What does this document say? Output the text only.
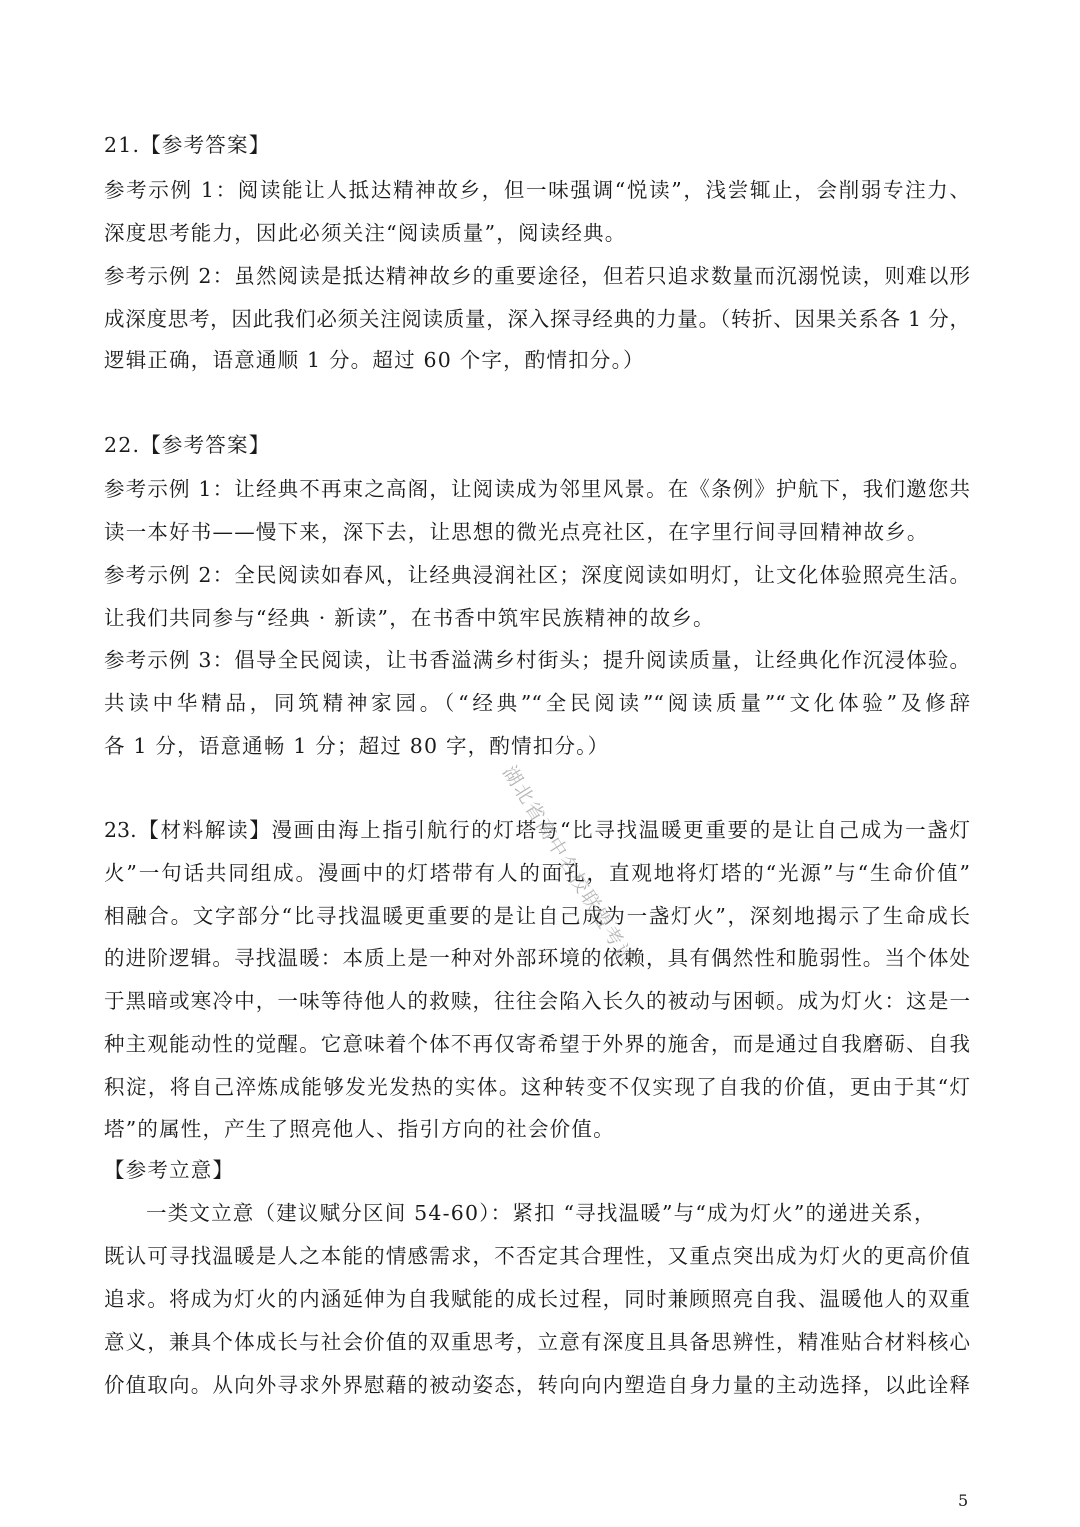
21.【参考答案】
参考示例 1：阅读能让人抵达精神故乡，但一味强调“悦读”，浅尝辄止，会削弱专注力、
深度思考能力，因此必须关注“阅读质量”，阅读经典。
参考示例 2：虽然阅读是抵达精神故乡的重要途径，但若只追求数量而沉溺悦读，则难以形
成深度思考，因此我们必须关注阅读质量，深入探寻经典的力量。（转折、因果关系各 1 分，
逻辑正确，语意通顺 1 分。超过 60 个字，酌情扣分。）
22.【参考答案】
参考示例 1：让经典不再束之高阁，让阅读成为邻里风景。在《条例》护航下，我们邀您共
读一本好书——慢下来，深下去，让思想的微光点亮社区，在字里行间寻回精神故乡。
参考示例 2：全民阅读如春风，让经典浸润社区；深度阅读如明灯，让文化体验照亮生活。
让我们共同参与“经典 · 新读”，在书香中筑牢民族精神的故乡。
参考示例 3：倡导全民阅读，让书香溢满乡村街头；提升阅读质量，让经典化作沉浸体验。
共读中华精品，同筑精神家园。（“经典”“全民阅读”“阅读质量”“文化体验”及修辞
各 1 分，语意通畅 1 分；超过 80 字，酌情扣分。）
23.【材料解读】漫画由海上指引航行的灯塔与“比寻找温暖更重要的是让自己成为一盏灯
火”一句话共同组成。漫画中的灯塔带有人的面孔，直观地将灯塔的“光源”与“生命价值”
相融合。文字部分“比寻找温暖更重要的是让自己成为一盏灯火”，深刻地揭示了生命成长
的进阶逻辑。寻找温暖：本质上是一种对外部环境的依赖，具有偶然性和脆弱性。当个体处
于黑暗或寒冷中，一味等待他人的救赎，往往会陷入长久的被动与困顿。成为灯火：这是一
种主观能动性的觉醒。它意味着个体不再仅寄希望于外界的施舍，而是通过自我磨砺、自我
积淀，将自己淬炼成能够发光发热的实体。这种转变不仅实现了自我的价值，更由于其“灯
塔”的属性，产生了照亮他人、指引方向的社会价值。
【参考立意】
一类文立意（建议赋分区间 54-60）：紧扣 “寻找温暖”与“成为灯火”的递进关系，
既认可寻找温暖是人之本能的情感需求，不否定其合理性，又重点突出成为灯火的更高价值
追求。将成为灯火的内涵延伸为自我赋能的成长过程，同时兼顾照亮自我、温暖他人的双重
意义，兼具个体成长与社会价值的双重思考，立意有深度且具备思辨性，精准贴合材料核心
价值取向。从向外寻求外界慰藉的被动姿态，转向向内塑造自身力量的主动选择，以此诠释
湖北省高中名校联盟考试
5
